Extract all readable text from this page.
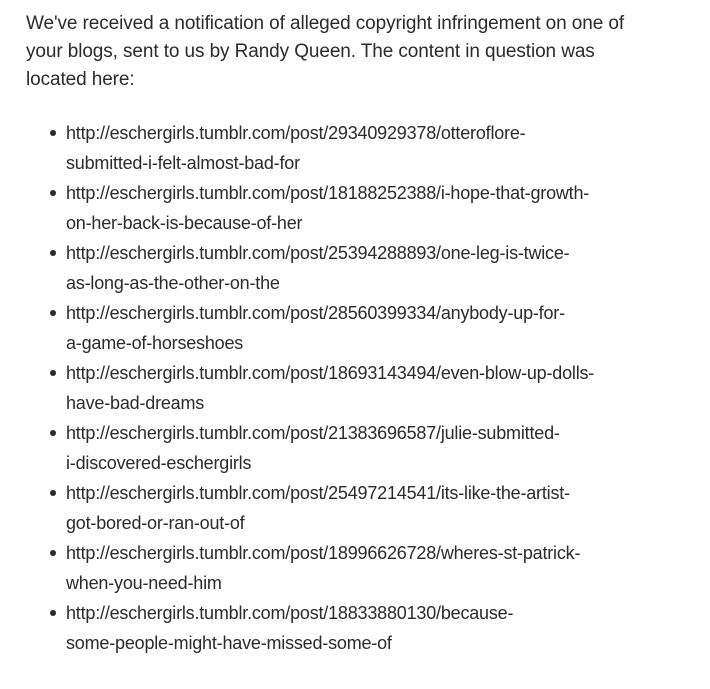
We've received a notification of alleged copyright infringement on one of
your blogs, sent to us by Randy Queen. The content in question was
located here:

http://eschergirls.tumblr.com/post/29340929378/otteroflore-
submitted-i-felt-almost-bad-for
http://eschergirls.tumblr.com/post/18188252388/i-hope-that-growth-
on-her-back-is-because-of-her
http://eschergirls.tumblr.com/post/25394288893/one-leg-is-twice-
as-long-as-the-other-on-the
http://eschergirls.tumblr.com/post/28560399334/anybody-up-for-
a-game-of-horseshoes
http://eschergirls.tumblr.com/post/18693143494/even-blow-up-dolls-
have-bad-dreams
http://eschergirls.tumblr.com/post/21383696587/julie-submitted-
i-discovered-eschergirls
http://eschergirls.tumblr.com/post/25497214541/its-like-the-artist-
got-bored-or-ran-out-of
http://eschergirls.tumblr.com/post/18996626728/wheres-st-patrick-
when-you-need-him
http://eschergirls.tumblr.com/post/18833880130/because-
some-people-might-have-missed-some-of
